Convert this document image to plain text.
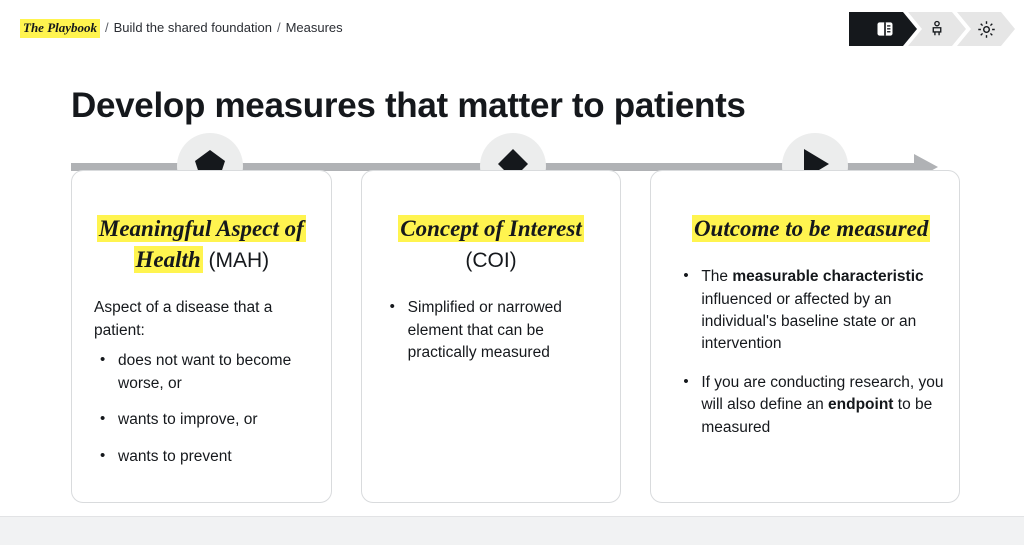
The Playbook / Build the shared foundation / Measures
Develop measures that matter to patients
Meaningful Aspect of Health (MAH)

Aspect of a disease that a patient:

• does not want to become worse, or
• wants to improve, or
• wants to prevent
Concept of Interest (COI)
• Simplified or narrowed element that can be practically measured
Outcome to be measured
• The measurable characteristic influenced or affected by an individual's baseline state or an intervention
• If you are conducting research, you will also define an endpoint to be measured
